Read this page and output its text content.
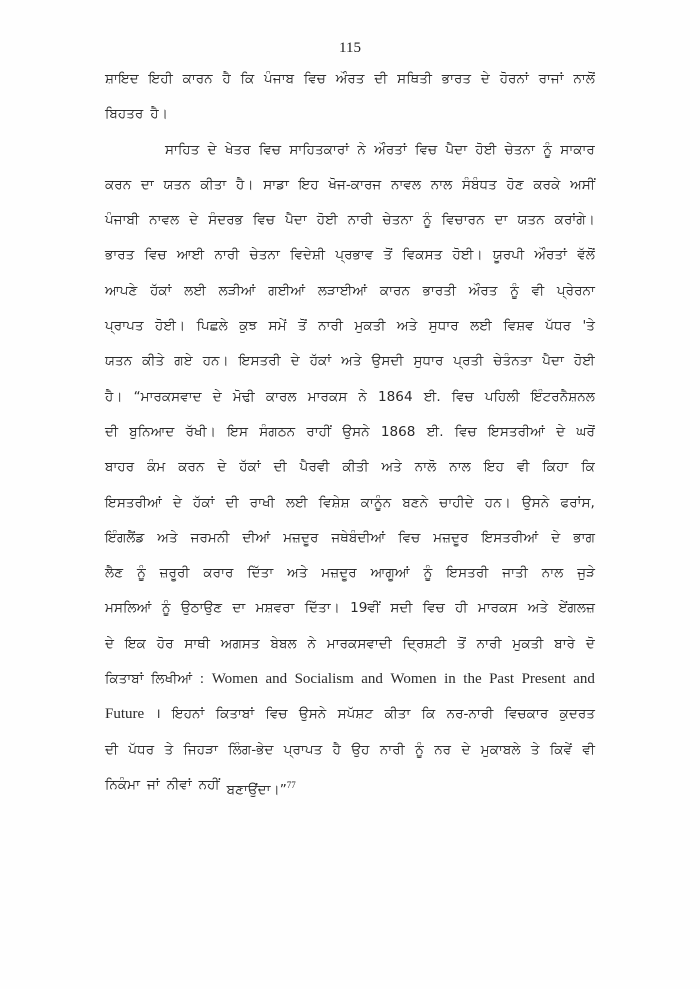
115
ਸ਼ਾਇਦ ਇਹੀ ਕਾਰਨ ਹੈ ਕਿ ਪੰਜਾਬ ਵਿਚ ਔਰਤ ਦੀ ਸਥਿਤੀ ਭਾਰਤ ਦੇ ਹੋਰਨਾਂ ਰਾਜਾਂ ਨਾਲੋਂ
ਬਿਹਤਰ ਹੈ।
ਸਾਹਿਤ ਦੇ ਖੇਤਰ ਵਿਚ ਸਾਹਿਤਕਾਰਾਂ ਨੇ ਔਰਤਾਂ ਵਿਚ ਪੈਦਾ ਹੋਈ ਚੇਤਨਾ ਨੂੰ ਸਾਕਾਰ
ਕਰਨ ਦਾ ਯਤਨ ਕੀਤਾ ਹੈ। ਸਾਡਾ ਇਹ ਖੋਜ-ਕਾਰਜ ਨਾਵਲ ਨਾਲ ਸੰਬੰਧਤ ਹੋਣ ਕਰਕੇ ਅਸੀਂ
ਪੰਜਾਬੀ ਨਾਵਲ ਦੇ ਸੰਦਰਭ ਵਿਚ ਪੈਦਾ ਹੋਈ ਨਾਰੀ ਚੇਤਨਾ ਨੂੰ ਵਿਚਾਰਨ ਦਾ ਯਤਨ ਕਰਾਂਗੇ।
ਭਾਰਤ ਵਿਚ ਆਈ ਨਾਰੀ ਚੇਤਨਾ ਵਿਦੇਸ਼ੀ ਪ੍ਰਭਾਵ ਤੋਂ ਵਿਕਸਤ ਹੋਈ। ਯੂਰਪੀ ਔਰਤਾਂ ਵੱਲੋਂ
ਆਪਣੇ ਹੱਕਾਂ ਲਈ ਲੜੀਆਂ ਗਈਆਂ ਲੜਾਈਆਂ ਕਾਰਨ ਭਾਰਤੀ ਔਰਤ ਨੂੰ ਵੀ ਪ੍ਰੇਰਨਾ
ਪ੍ਰਾਪਤ ਹੋਈ। ਪਿਛਲੇ ਕੁਝ ਸਮੇਂ ਤੋਂ ਨਾਰੀ ਮੁਕਤੀ ਅਤੇ ਸੁਧਾਰ ਲਈ ਵਿਸ਼ਵ ਪੱਧਰ 'ਤੇ
ਯਤਨ ਕੀਤੇ ਗਏ ਹਨ। ਇਸਤਰੀ ਦੇ ਹੱਕਾਂ ਅਤੇ ਉਸਦੀ ਸੁਧਾਰ ਪ੍ਰਤੀ ਚੇਤੰਨਤਾ ਪੈਦਾ ਹੋਈ
ਹੈ। “ਮਾਰਕਸਵਾਦ ਦੇ ਮੋਢੀ ਕਾਰਲ ਮਾਰਕਸ ਨੇ 1864 ਈ. ਵਿਚ ਪਹਿਲੀ ਇੰਟਰਨੈਸ਼ਨਲ
ਦੀ ਬੁਨਿਆਦ ਰੱਖੀ। ਇਸ ਸੰਗਠਨ ਰਾਹੀਂ ਉਸਨੇ 1868 ਈ. ਵਿਚ ਇਸਤਰੀਆਂ ਦੇ ਘਰੋਂ
ਬਾਹਰ ਕੰਮ ਕਰਨ ਦੇ ਹੱਕਾਂ ਦੀ ਪੈਰਵੀ ਕੀਤੀ ਅਤੇ ਨਾਲੋ ਨਾਲ ਇਹ ਵੀ ਕਿਹਾ ਕਿ
ਇਸਤਰੀਆਂ ਦੇ ਹੱਕਾਂ ਦੀ ਰਾਖੀ ਲਈ ਵਿਸ਼ੇਸ਼ ਕਾਨੂੰਨ ਬਣਨੇ ਚਾਹੀਦੇ ਹਨ। ਉਸਨੇ ਫਰਾਂਸ,
ਇੰਗਲੈਂਡ ਅਤੇ ਜਰਮਨੀ ਦੀਆਂ ਮਜ਼ਦੂਰ ਜਥੇਬੰਦੀਆਂ ਵਿਚ ਮਜ਼ਦੂਰ ਇਸਤਰੀਆਂ ਦੇ ਭਾਗ
ਲੈਣ ਨੂੰ ਜ਼ਰੂਰੀ ਕਰਾਰ ਦਿੱਤਾ ਅਤੇ ਮਜ਼ਦੂਰ ਆਗੂਆਂ ਨੂੰ ਇਸਤਰੀ ਜਾਤੀ ਨਾਲ ਜੁੜੇ
ਮਸਲਿਆਂ ਨੂੰ ਉਠਾਉਣ ਦਾ ਮਸ਼ਵਰਾ ਦਿੱਤਾ। 19ਵੀਂ ਸਦੀ ਵਿਚ ਹੀ ਮਾਰਕਸ ਅਤੇ ਏਂਗਲਜ਼
ਦੇ ਇਕ ਹੋਰ ਸਾਥੀ ਅਗਸਤ ਬੇਬਲ ਨੇ ਮਾਰਕਸਵਾਦੀ ਦ੍ਰਿਸ਼ਟੀ ਤੋਂ ਨਾਰੀ ਮੁਕਤੀ ਬਾਰੇ ਦੋ
ਕਿਤਾਬਾਂ ਲਿਖੀਆਂ : Women and Socialism and Women in the Past Present and
Future । ਇਹਨਾਂ ਕਿਤਾਬਾਂ ਵਿਚ ਉਸਨੇ ਸਪੱਸ਼ਟ ਕੀਤਾ ਕਿ ਨਰ-ਨਾਰੀ ਵਿਚਕਾਰ ਕੁਦਰਤ
ਦੀ ਪੱਧਰ ਤੇ ਜਿਹੜਾ ਲਿੰਗ-ਭੇਦ ਪ੍ਰਾਪਤ ਹੈ ਉਹ ਨਾਰੀ ਨੂੰ ਨਰ ਦੇ ਮੁਕਾਬਲੇ ਤੇ ਕਿਵੇਂ ਵੀ
ਨਿਕੰਮਾ ਜਾਂ ਨੀਵਾਂ ਨਹੀਂ ਬਣਾਉਂਦਾ।”$^{77}$
